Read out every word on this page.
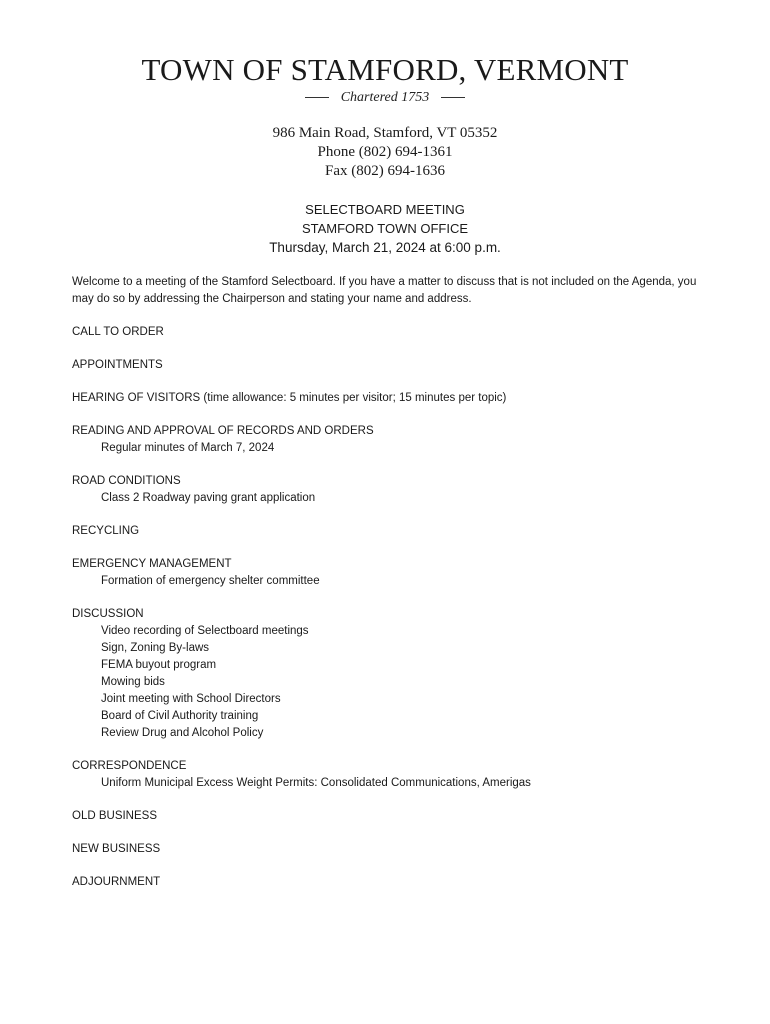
TOWN OF STAMFORD, VERMONT
Chartered 1753
986 Main Road, Stamford, VT 05352
Phone (802) 694-1361
Fax (802) 694-1636
SELECTBOARD MEETING
STAMFORD TOWN OFFICE
Thursday, March 21, 2024 at 6:00 p.m.
Welcome to a meeting of the Stamford Selectboard. If you have a matter to discuss that is not included on the Agenda, you may do so by addressing the Chairperson and stating your name and address.
CALL TO ORDER
APPOINTMENTS
HEARING OF VISITORS (time allowance: 5 minutes per visitor; 15 minutes per topic)
READING AND APPROVAL OF RECORDS AND ORDERS
Regular minutes of March 7, 2024
ROAD CONDITIONS
Class 2 Roadway paving grant application
RECYCLING
EMERGENCY MANAGEMENT
Formation of emergency shelter committee
DISCUSSION
Video recording of Selectboard meetings
Sign, Zoning By-laws
FEMA buyout program
Mowing bids
Joint meeting with School Directors
Board of Civil Authority training
Review Drug and Alcohol Policy
CORRESPONDENCE
Uniform Municipal Excess Weight Permits: Consolidated Communications, Amerigas
OLD BUSINESS
NEW BUSINESS
ADJOURNMENT
